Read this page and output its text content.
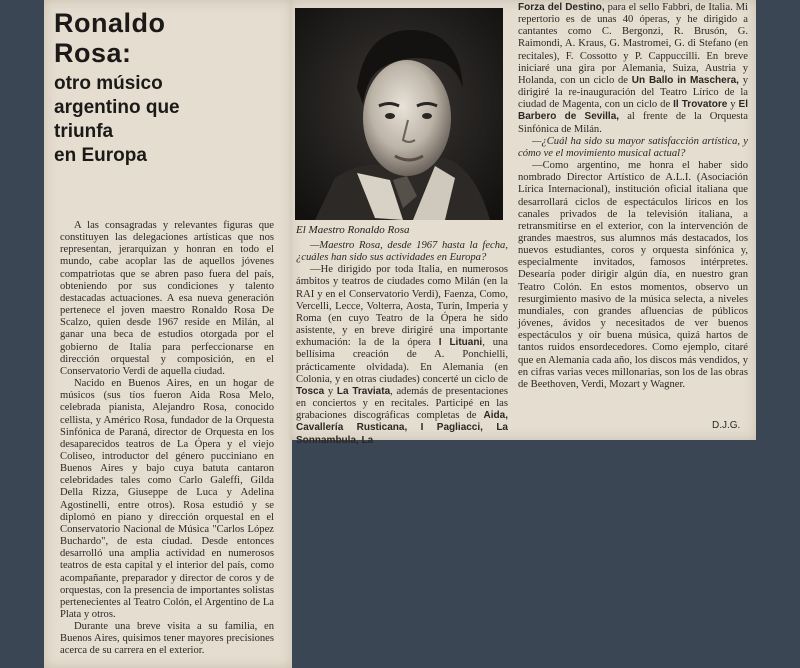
Ronaldo
Rosa:
otro músico
argentino que
triunfa
en Europa

A las consagradas y relevantes figuras que constituyen las delegaciones artísticas que nos representan, jerarquizan y honran en todo el mundo, cabe acoplar las de aquellos jóvenes compatriotas que se abren paso fuera del país, obteniendo por sus condiciones y talento destacadas actuaciones. A esa nueva generación pertenece el joven maestro Ronaldo Rosa De Scalzo, quien desde 1967 reside en Milán, al ganar una beca de estudios otorgada por el gobierno de Italia para perfeccionarse en dirección orquestal y composición, en el Conservatorio Verdi de aquella ciudad.

Nacido en Buenos Aires, en un hogar de músicos (sus tíos fueron Aida Rosa Melo, celebrada pianista, Alejandro Rosa, conocido cellista, y Américo Rosa, fundador de la Orquesta Sinfónica de Paraná, director de Orquesta en los desaparecidos teatros de La Ópera y el viejo Coliseo, introductor del género pucciniano en Buenos Aires y bajo cuya batuta cantaron celebridades tales como Carlo Galeffi, Gilda Della Rizza, Giuseppe de Luca y Adelina Agostinelli, entre otros). Rosa estudió y se diplomó en piano y dirección orquestal en el Conservatorio Nacional de Música "Carlos López Buchardo", de esta ciudad. Desde entonces desarrolló una amplia actividad en numerosos teatros de esta capital y el interior del país, como acompañante, preparador y director de coros y de orquestas, con la presencia de importantes solistas pertenecientes al Teatro Colón, el Argentino de La Plata y otros.

Durante una breve visita a su familia, en Buenos Aires, quisimos tener mayores precisiones acerca de su carrera en el exterior.

El Maestro Ronaldo Rosa

—Maestro Rosa, desde 1967 hasta la fecha, ¿cuáles han sido sus actividades en Europa?

—He dirigido por toda Italia, en numerosos ámbitos y teatros de ciudades como Milán (en la RAI y en el Conservatorio Verdi), Faenza, Como, Vercelli, Lecce, Volterra, Aosta, Turín, Imperia y Roma (en cuyo Teatro de la Ópera he sido asistente, y en breve dirigiré una importante exhumación: la de la ópera I Lituani, una bellísima creación de A. Ponchielli, prácticamente olvidada). En Alemania (en Colonia, y en otras ciudades) concerté un ciclo de Tosca y La Traviata, además de presentaciones en conciertos y en recitales. Participé en las grabaciones discográficas completas de Aida, Cavallería Rusticana, I Pagliacci, La Sonnambula, La

Forza del Destino, para el sello Fabbri, de Italia. Mi repertorio es de unas 40 óperas, y he dirigido a cantantes como C. Bergonzi, R. Brusón, G. Raimondi, A. Kraus, G. Mastromei, G. di Stefano (en recitales), F. Cossotto y P. Cappuccilli. En breve iniciaré una gira por Alemania, Suiza, Austria y Holanda, con un ciclo de Un Ballo in Maschera, y dirigiré la re-inauguración del Teatro Lírico de la ciudad de Magenta, con un ciclo de Il Trovatore y El Barbero de Sevilla, al frente de la Orquesta Sinfónica de Milán.

—¿Cuál ha sido su mayor satisfacción artística, y cómo ve el movimiento musical actual?

—Como argentino, me honra el haber sido nombrado Director Artístico de A.L.I. (Asociación Lírica Internacional), institución oficial italiana que desarrollará ciclos de espectáculos líricos en los canales privados de la televisión italiana, a retransmitirse en el exterior, con la intervención de grandes maestros, sus alumnos más destacados, los nuevos estudiantes, coros y orquesta sinfónica y, especialmente invitados, famosos intérpretes. Desearía poder dirigir algún día, en nuestro gran Teatro Colón. En estos momentos, observo un resurgimiento masivo de la música selecta, a niveles mundiales, con grandes afluencias de públicos jóvenes, ávidos y necesitados de ver buenos espectáculos y oír buena música, quizá hartos de tantos ruidos ensordecedores. Como ejemplo, citaré que en Alemania cada año, los discos más vendidos, y en cifras varias veces millonarias, son los de las obras de Beethoven, Verdi, Mozart y Wagner.

D.J.G.
